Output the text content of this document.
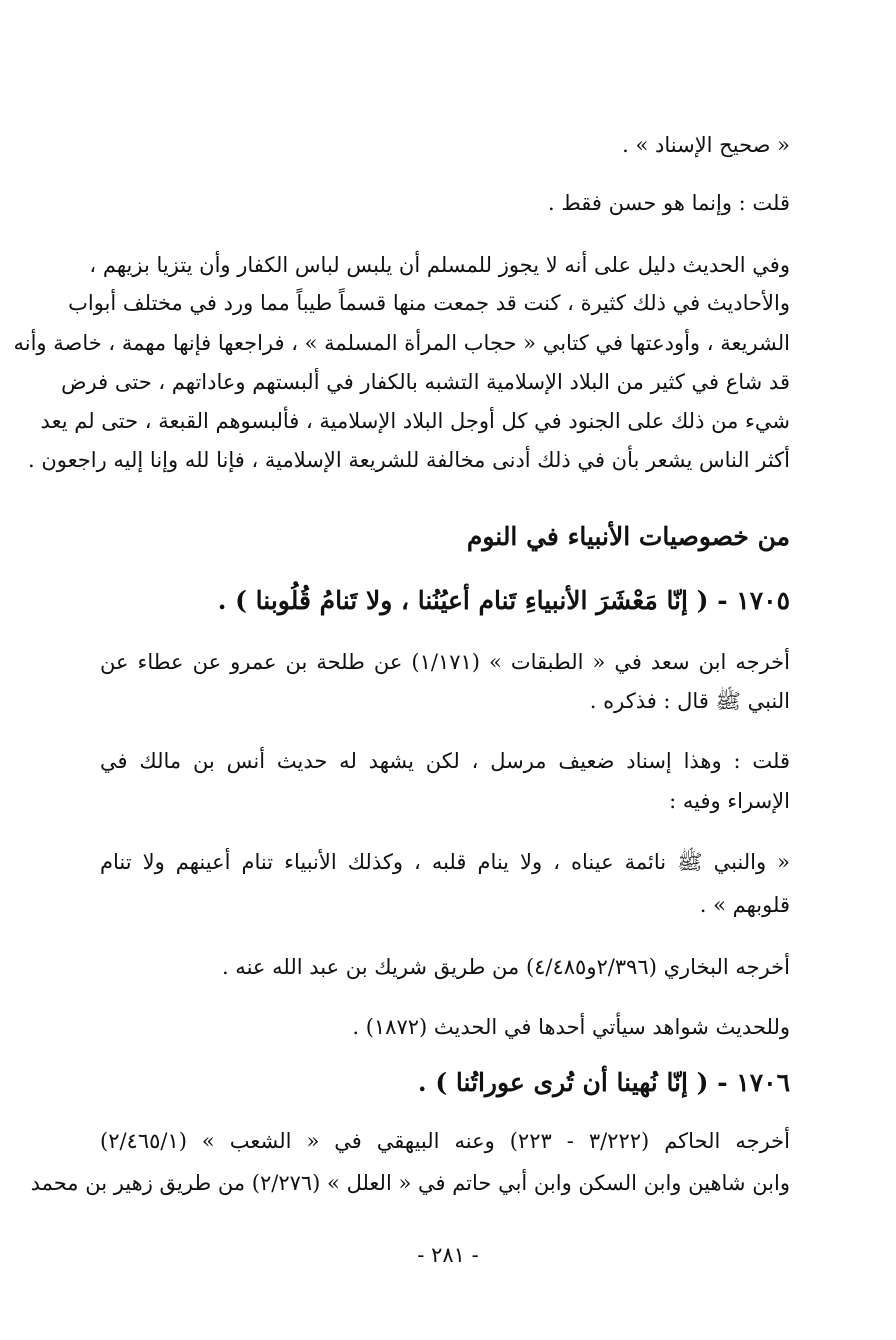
« صحيح الإسناد » .
قلت : وإنما هو حسن فقط .
وفي الحديث دليل على أنه لا يجوز للمسلم أن يلبس لباس الكفار وأن يتزيا بزيهم ،
والأحاديث في ذلك كثيرة ، كنت قد جمعت منها قسماً طيباً مما ورد في مختلف أبواب
الشريعة ، وأودعتها في كتابي « حجاب المرأة المسلمة » ، فراجعها فإنها مهمة ، خاصة وأنه
قد شاع في كثير من البلاد الإسلامية التشبه بالكفار في ألبستهم وعاداتهم ، حتى فرض
شيء من ذلك على الجنود في كل أوجل البلاد الإسلامية ، فألبسوهم القبعة ، حتى لم يعد
أكثر الناس يشعر بأن في ذلك أدنى مخالفة للشريعة الإسلامية ، فإنا لله وإنا إليه راجعون .
من خصوصيات الأنبياء في النوم
١٧٠٥ - ( إنّا مَعْشَرَ الأنبياءِ تَنام أعيُنُنا ، ولا تَنامُ قُلُوبنا ) .
أخرجه ابن سعد في « الطبقات » (١/١٧١) عن طلحة بن عمرو عن عطاء عن
النبي ﷺ قال : فذكره .
قلت : وهذا إسناد ضعيف مرسل ، لكن يشهد له حديث أنس بن مالك في
الإسراء وفيه :
« والنبي ﷺ نائمة عيناه ، ولا ينام قلبه ، وكذلك الأنبياء تنام أعينهم ولا تنام
قلوبهم » .
أخرجه البخاري (٢/٣٩٦و٤/٤٨٥) من طريق شريك بن عبد الله عنه .
وللحديث شواهد سيأتي أحدها في الحديث (١٨٧٢) .
١٧٠٦ - ( إنّا نُهينا أن تُرى عوراتُنا ) .
أخرجه الحاكم (٣/٢٢٢ - ٢٢٣) وعنه البيهقي في « الشعب » (٢/٤٦٥/١)
وابن شاهين وابن السكن وابن أبي حاتم في « العلل » (٢/٢٧٦) من طريق زهير بن محمد
- ٢٨١ -
